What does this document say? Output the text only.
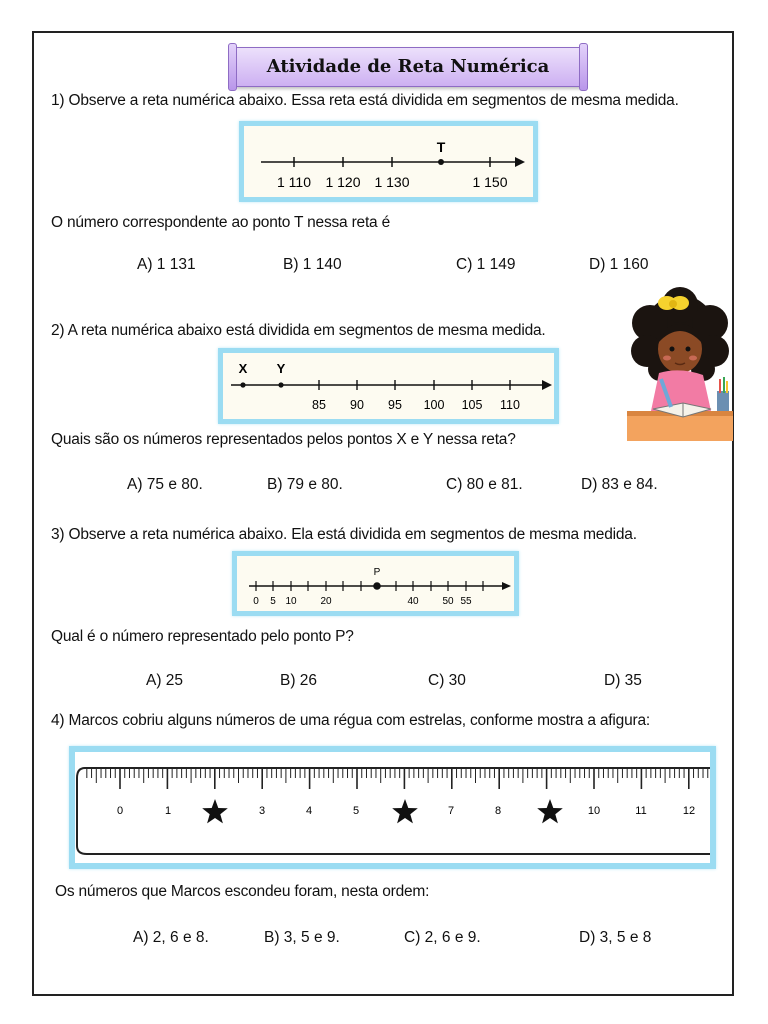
Atividade de Reta Numérica
1) Observe a reta numérica abaixo. Essa reta está dividida em segmentos de mesma medida.
T
1 110 1 120 1 130	1 150
O número correspondente ao ponto T nessa reta é
A) 1 131	B) 1 140	C) 1 149	D) 1 160
2) A reta numérica abaixo está dividida em segmentos de mesma medida.
X Y
85 90 95 100 105 110
Quais são os números representados pelos pontos X e Y nessa reta?
A) 75 e 80.	B) 79 e 80.	C) 80 e 81.	D) 83 e 84.
3) Observe a reta numérica abaixo. Ela está dividida em segmentos de mesma medida.
P
0 5 10 20	40 50 55
Qual é o número representado pelo ponto P?
A) 25	B) 26	C) 30	D) 35
4) Marcos cobriu alguns números de uma régua com estrelas, conforme mostra a afigura:
0	1	3	4	5	7	8	10	11	12
Os números que Marcos escondeu foram, nesta ordem:
A) 2, 6 e 8.	B) 3, 5 e 9.	C) 2, 6 e 9.	D) 3, 5 e 8
